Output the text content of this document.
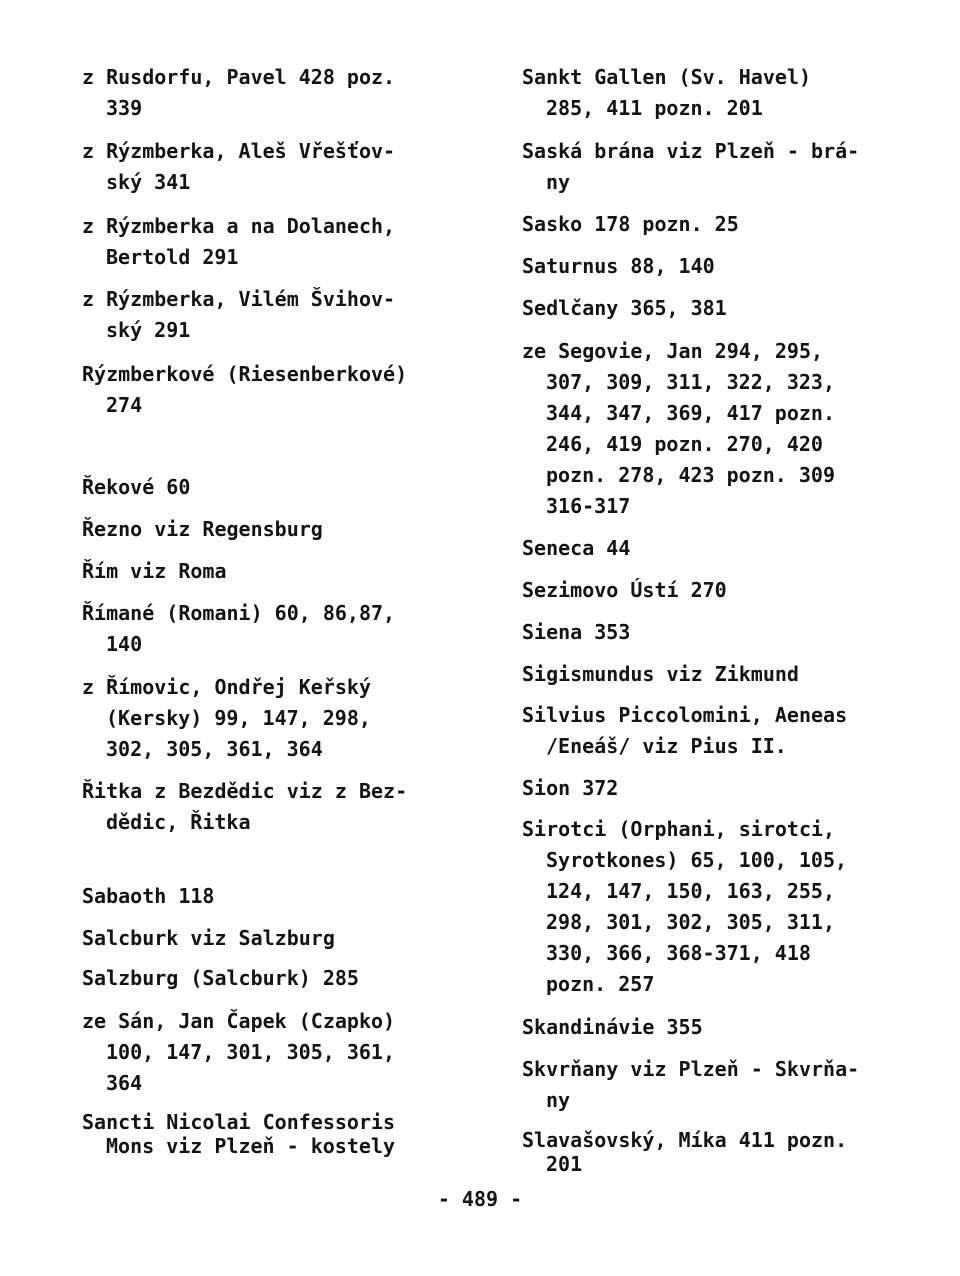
z Rusdorfu, Pavel 428 poz.
339
z Rýzmberka, Aleš Vřešťov-
ský 341
z Rýzmberka a na Dolanech,
Bertold 291
z Rýzmberka, Vilém Švihov-
ský 291
Rýzmberkové (Riesenberkové)
274
Řekové 60
Řezno viz Regensburg
Řím viz Roma
Římané (Romani) 60, 86,87,
140
z Římovic, Ondřej Keřský
(Kersky) 99, 147, 298,
302, 305, 361, 364
Řitka z Bezdědic viz z Bez-
dědic, Řitka
Sabaoth 118
Salcburk viz Salzburg
Salzburg (Salcburk) 285
ze Sán, Jan Čapek (Czapko)
100, 147, 301, 305, 361,
364
Sancti Nicolai Confessoris
Mons viz Plzeň - kostely
Sankt Gallen (Sv. Havel)
285, 411 pozn. 201
Saská brána viz Plzeň - brá-
ny
Sasko 178 pozn. 25
Saturnus 88, 140
Sedlčany 365, 381
ze Segovie, Jan 294, 295,
307, 309, 311, 322, 323,
344, 347, 369, 417 pozn.
246, 419 pozn. 270, 420
pozn. 278, 423 pozn. 309
316-317
Seneca 44
Sezimovo Ústí 270
Siena 353
Sigismundus viz Zikmund
Silvius Piccolomini, Aeneas
/Eneáš/ viz Pius II.
Sion 372
Sirotci (Orphani, sirotci,
Syrotkones) 65, 100, 105,
124, 147, 150, 163, 255,
298, 301, 302, 305, 311,
330, 366, 368-371, 418
pozn. 257
Skandinávie 355
Skvrňany viz Plzeň - Skvrňa-
ny
Slavašovský, Míka 411 pozn.
201
- 489 -
